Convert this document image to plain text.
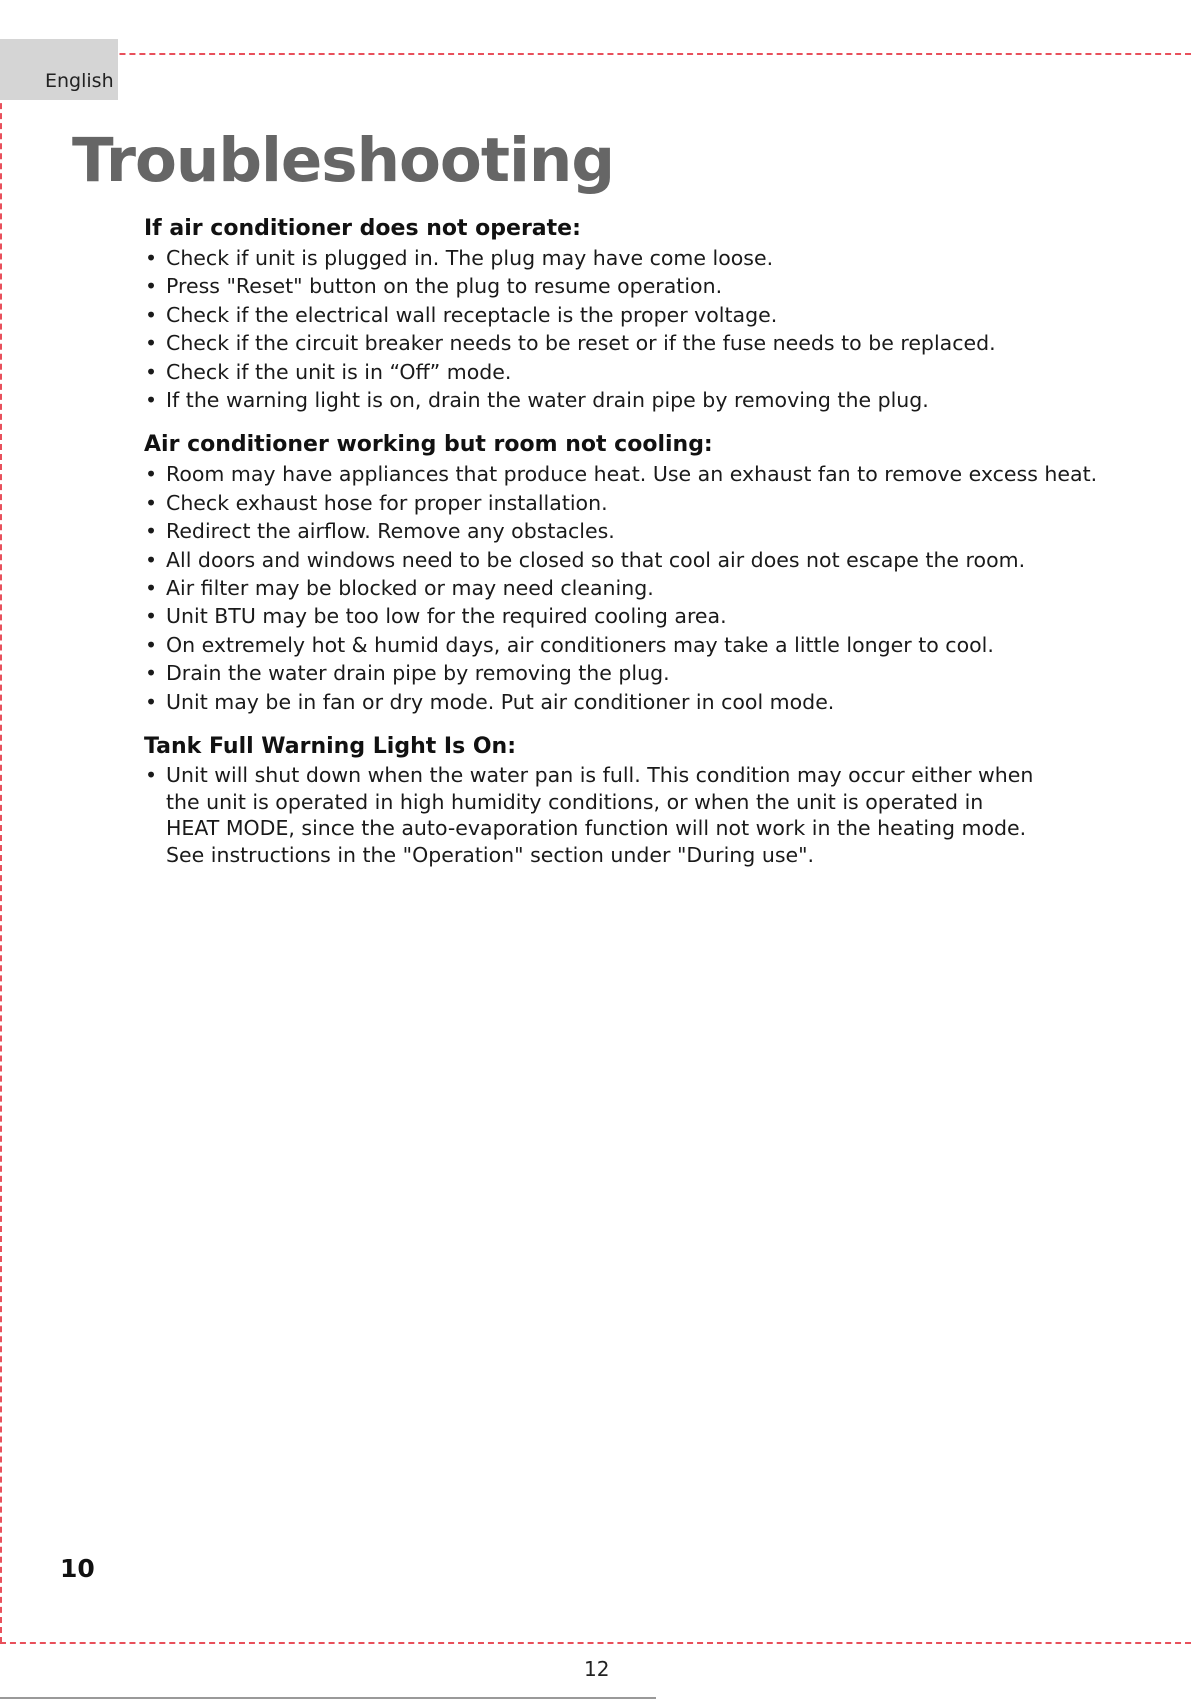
English
Troubleshooting
If air conditioner does not operate:
• Check if unit is plugged in. The plug may have come loose.
• Press "Reset" button on the plug to resume operation.
• Check if the electrical wall receptacle is the proper voltage.
• Check if the circuit breaker needs to be reset or if the fuse needs to be replaced.
• Check if the unit is in “Off” mode.
• If the warning light is on, drain the water drain pipe by removing the plug.
Air conditioner working but room not cooling:
• Room may have appliances that produce heat. Use an exhaust fan to remove excess heat.
• Check exhaust hose for proper installation.
• Redirect the airflow. Remove any obstacles.
• All doors and windows need to be closed so that cool air does not escape the room.
• Air filter may be blocked or may need cleaning.
• Unit BTU may be too low for the required cooling area.
• On extremely hot & humid days, air conditioners may take a little longer to cool.
• Drain the water drain pipe by removing the plug.
• Unit may be in fan or dry mode. Put air conditioner in cool mode.
Tank Full Warning Light Is On:
• Unit will shut down when the water pan is full. This condition may occur either when the unit is operated in high humidity conditions, or when the unit is operated in HEAT MODE, since the auto-evaporation function will not work in the heating mode. See instructions in the "Operation" section under "During use".
10
12
